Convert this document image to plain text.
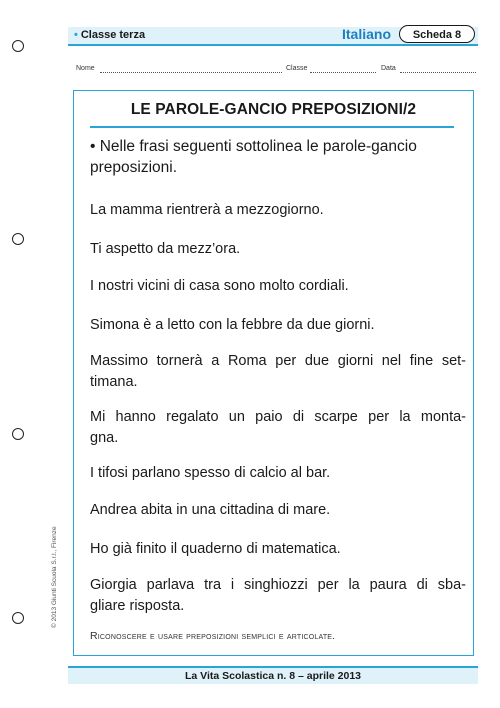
• Classe terza	Italiano	Scheda 8
Nome	Classe	Data
LE PAROLE-GANCIO PREPOSIZIONI/2
• Nelle frasi seguenti sottolinea le parole-gancio preposizioni.
La mamma rientrerà a mezzogiorno.
Ti aspetto da mezz’ora.
I nostri vicini di casa sono molto cordiali.
Simona è a letto con la febbre da due giorni.
Massimo tornerà a Roma per due giorni nel fine set-
timana.
Mi hanno regalato un paio di scarpe per la monta-
gna.
I tifosi parlano spesso di calcio al bar.
Andrea abita in una cittadina di mare.
Ho già finito il quaderno di matematica.
Giorgia parlava tra i singhiozzi per la paura di sba-
gliare risposta.
Riconoscere e usare preposizioni semplici e articolate.
© 2013 Giunti Scuola S.r.l., Firenze
La Vita Scolastica n. 8 – aprile 2013
